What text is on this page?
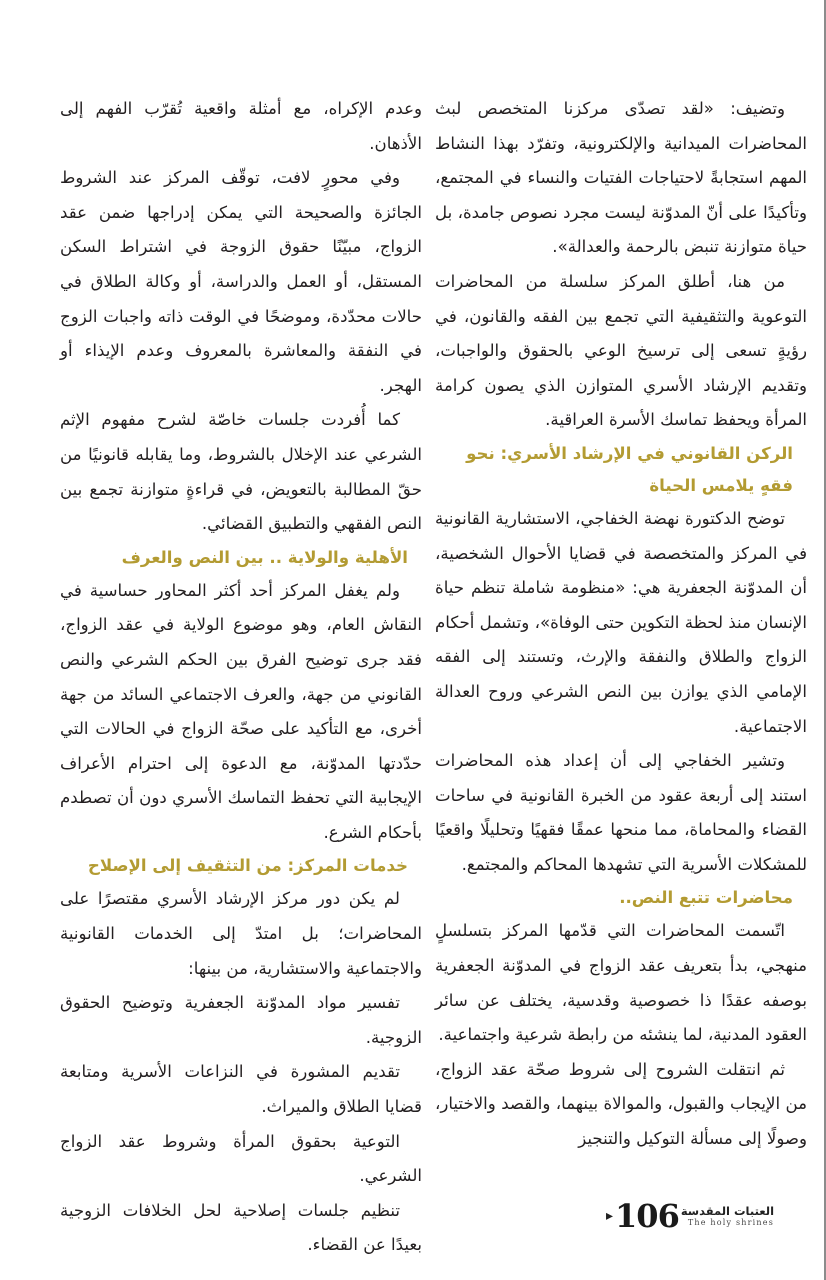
وتضيف: «لقد تصدّى مركزنا المتخصص لبث المحاضرات الميدانية والإلكترونية، وتفرّد بهذا النشاط المهم استجابةً لاحتياجات الفتيات والنساء في المجتمع، وتأكيدًا على أنّ المدوّنة ليست مجرد نصوص جامدة، بل حياة متوازنة تنبض بالرحمة والعدالة».

من هنا، أطلق المركز سلسلة من المحاضرات التوعوية والتثقيفية التي تجمع بين الفقه والقانون، في رؤيةٍ تسعى إلى ترسيخ الوعي بالحقوق والواجبات، وتقديم الإرشاد الأسري المتوازن الذي يصون كرامة المرأة ويحفظ تماسك الأسرة العراقية.

الركن القانوني في الإرشاد الأسري: نحو فقهٍ يلامس الحياة

توضح الدكتورة نهضة الخفاجي، الاستشارية القانونية في المركز والمتخصصة في قضايا الأحوال الشخصية، أن المدوّنة الجعفرية هي: «منظومة شاملة تنظم حياة الإنسان منذ لحظة التكوين حتى الوفاة»، وتشمل أحكام الزواج والطلاق والنفقة والإرث، وتستند إلى الفقه الإمامي الذي يوازن بين النص الشرعي وروح العدالة الاجتماعية.

وتشير الخفاجي إلى أن إعداد هذه المحاضرات استند إلى أربعة عقود من الخبرة القانونية في ساحات القضاء والمحاماة، مما منحها عمقًا فقهيًا وتحليلًا واقعيًا للمشكلات الأسرية التي تشهدها المحاكم والمجتمع.

محاضرات تتبع النص..

اتّسمت المحاضرات التي قدّمها المركز بتسلسلٍ منهجي، بدأ بتعريف عقد الزواج في المدوّنة الجعفرية بوصفه عقدًا ذا خصوصية وقدسية، يختلف عن سائر العقود المدنية، لما ينشئه من رابطة شرعية واجتماعية.

ثم انتقلت الشروح إلى شروط صحّة عقد الزواج، من الإيجاب والقبول، والموالاة بينهما، والقصد والاختيار، وصولًا إلى مسألة التوكيل والتنجيز

وعدم الإكراه، مع أمثلة واقعية تُقرّب الفهم إلى الأذهان.

وفي محورٍ لافت، توقّف المركز عند الشروط الجائزة والصحيحة التي يمكن إدراجها ضمن عقد الزواج، مبيّنًا حقوق الزوجة في اشتراط السكن المستقل، أو العمل والدراسة، أو وكالة الطلاق في حالات محدّدة، وموضحًا في الوقت ذاته واجبات الزوج في النفقة والمعاشرة بالمعروف وعدم الإيذاء أو الهجر.

كما أُفردت جلسات خاصّة لشرح مفهوم الإثم الشرعي عند الإخلال بالشروط، وما يقابله قانونيًا من حقّ المطالبة بالتعويض، في قراءةٍ متوازنة تجمع بين النص الفقهي والتطبيق القضائي.

الأهلية والولاية .. بين النص والعرف

ولم يغفل المركز أحد أكثر المحاور حساسية في النقاش العام، وهو موضوع الولاية في عقد الزواج، فقد جرى توضيح الفرق بين الحكم الشرعي والنص القانوني من جهة، والعرف الاجتماعي السائد من جهة أخرى، مع التأكيد على صحّة الزواج في الحالات التي حدّدتها المدوّنة، مع الدعوة إلى احترام الأعراف الإيجابية التي تحفظ التماسك الأسري دون أن تصطدم بأحكام الشرع.

خدمات المركز: من التثقيف إلى الإصلاح

لم يكن دور مركز الإرشاد الأسري مقتصرًا على المحاضرات؛ بل امتدّ إلى الخدمات القانونية والاجتماعية والاستشارية، من بينها:

تفسير مواد المدوّنة الجعفرية وتوضيح الحقوق الزوجية.

تقديم المشورة في النزاعات الأسرية ومتابعة قضايا الطلاق والميراث.

التوعية بحقوق المرأة وشروط عقد الزواج الشرعي.

تنظيم جلسات إصلاحية لحل الخلافات الزوجية بعيدًا عن القضاء.

▸ 106 العتبات المقدسة
The holy shrines
